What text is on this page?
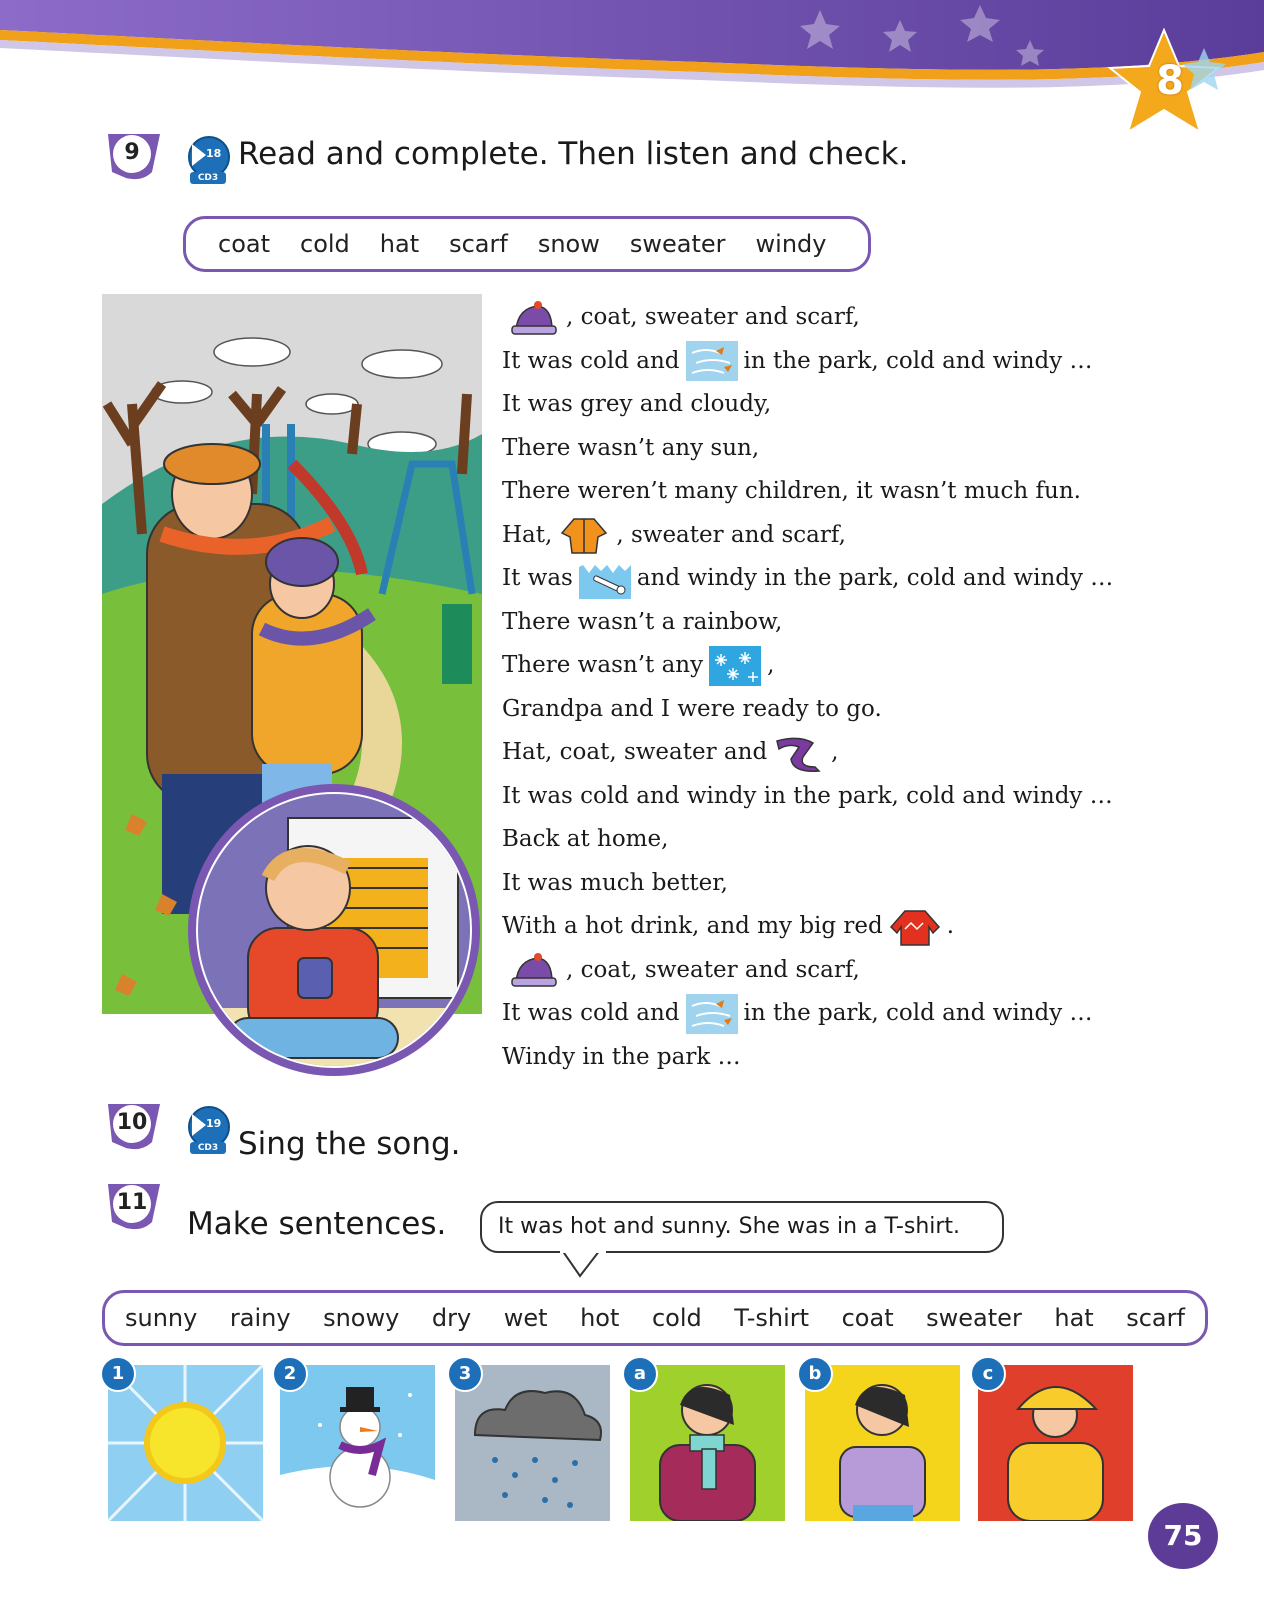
8
9	18
CD3
Read and complete. Then listen and check.
coat cold hat scarf snow sweater windy
, coat, sweater and scarf,
It was cold and	in the park, cold and windy …
It was grey and cloudy,
There wasn’t any sun,
There weren’t many children, it wasn’t much fun.
Hat,	, sweater and scarf,
It was	and windy in the park, cold and windy …
There wasn’t a rainbow,
There wasn’t any	,
Grandpa and I were ready to go.
Hat, coat, sweater and	,
It was cold and windy in the park, cold and windy …
Back at home,
It was much better,
With a hot drink, and my big red	.
, coat, sweater and scarf,
It was cold and	in the park, cold and windy …
Windy in the park …
10	19
CD3 Sing the song.
11
Make sentences.	It was hot and sunny. She was in a T-shirt.
sunny rainy snowy dry wet hot cold T-shirt coat sweater hat scarf
1	2	3	a	b	c
75
